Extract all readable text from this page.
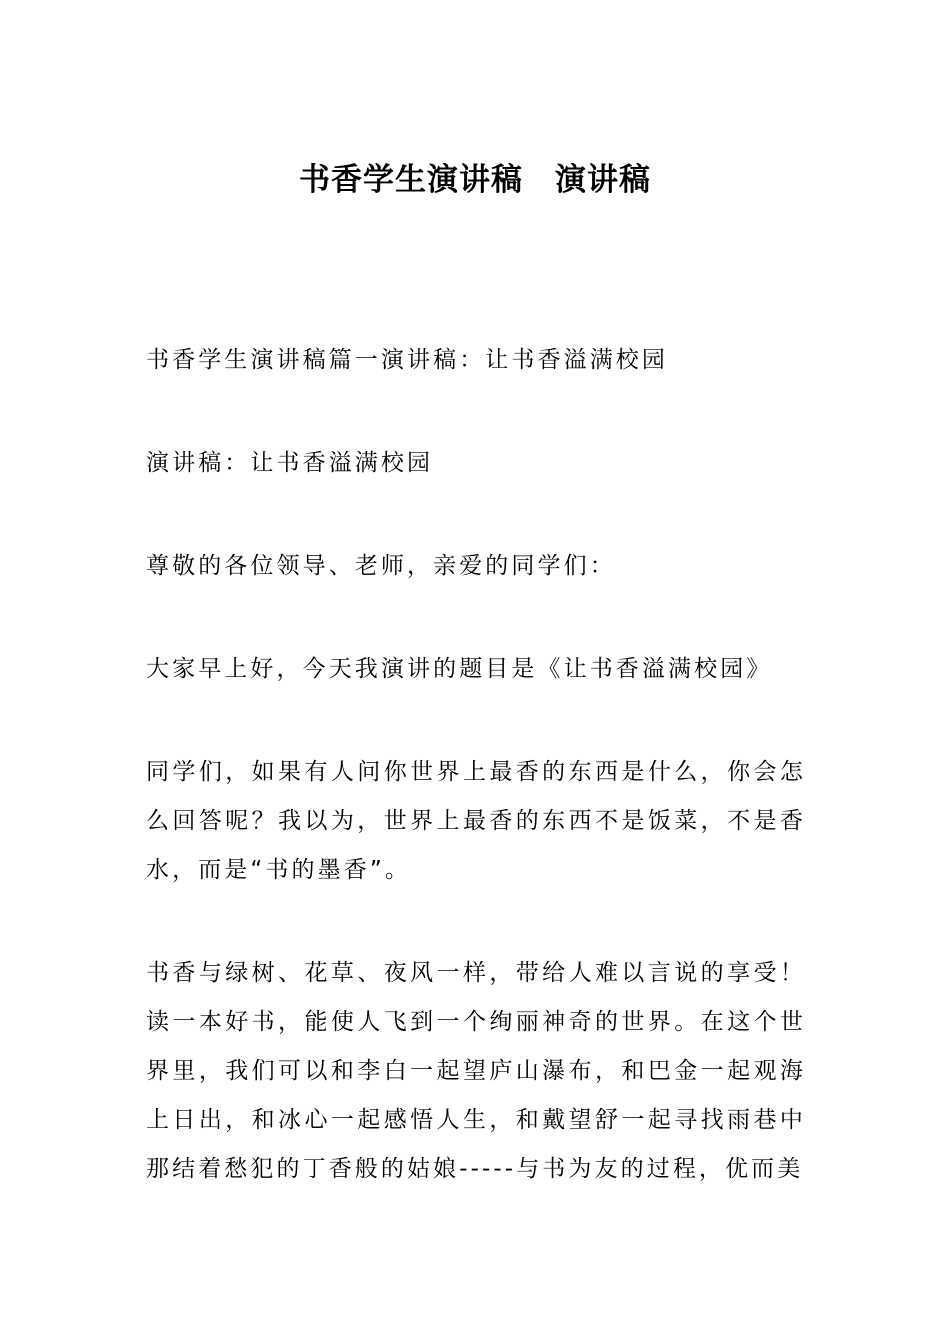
书香学生演讲稿　演讲稿

书香学生演讲稿篇一演讲稿：让书香溢满校园

演讲稿：让书香溢满校园

尊敬的各位领导、老师，亲爱的同学们：

大家早上好，今天我演讲的题目是《让书香溢满校园》

同学们，如果有人问你世界上最香的东西是什么，你会怎么回答呢？我以为，世界上最香的东西不是饭菜，不是香水，而是“书的墨香”。

书香与绿树、花草、夜风一样，带给人难以言说的享受！读一本好书，能使人飞到一个绚丽神奇的世界。在这个世界里，我们可以和李白一起望庐山瀑布，和巴金一起观海上日出，和冰心一起感悟人生，和戴望舒一起寻找雨巷中那结着愁犯的丁香般的姑娘-----与书为友的过程，优而美
